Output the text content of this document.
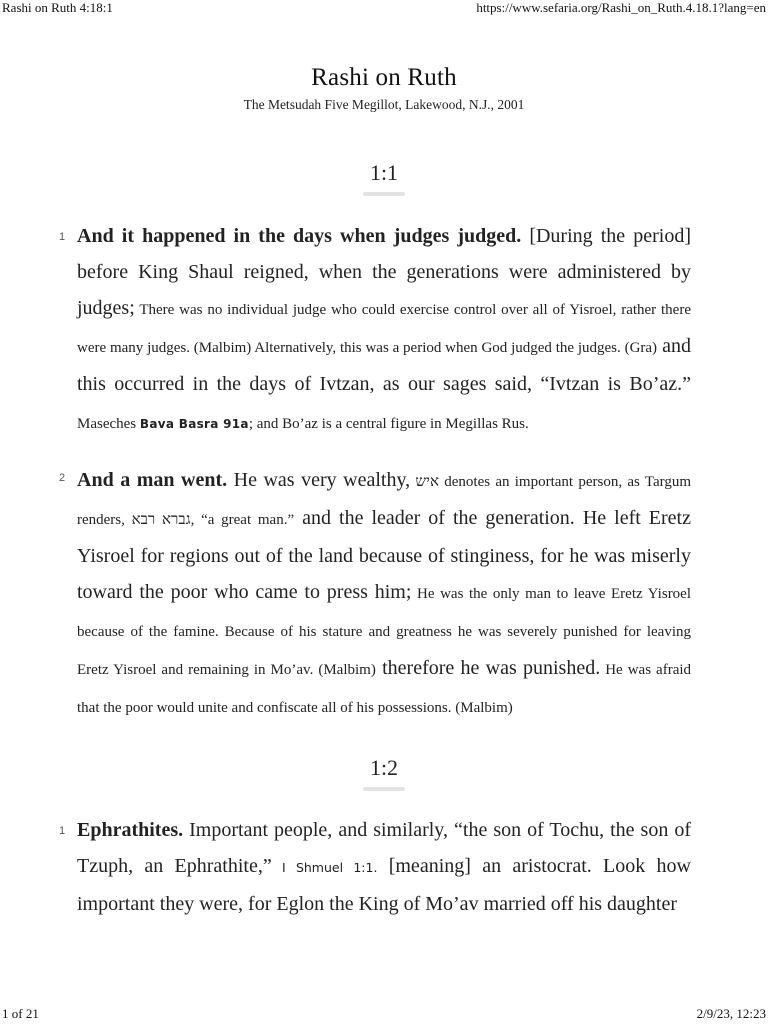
Rashi on Ruth 4:18:1	https://www.sefaria.org/Rashi_on_Ruth.4.18.1?lang=en
Rashi on Ruth
The Metsudah Five Megillot, Lakewood, N.J., 2001
1:1
1 And it happened in the days when judges judged. [During the period] before King Shaul reigned, when the generations were administered by judges; There was no individual judge who could exercise control over all of Yisroel, rather there were many judges. (Malbim) Alternatively, this was a period when God judged the judges. (Gra) and this occurred in the days of Ivtzan, as our sages said, “Ivtzan is Bo’az.” Maseches Bava Basra 91a; and Bo’az is a central figure in Megillas Rus.

2 And a man went. He was very wealthy, איש denotes an important person, as Targum renders, גברא רבא, “a great man.” and the leader of the generation. He left Eretz Yisroel for regions out of the land because of stinginess, for he was miserly toward the poor who came to press him; He was the only man to leave Eretz Yisroel because of the famine. Because of his stature and greatness he was severely punished for leaving Eretz Yisroel and remaining in Mo’av. (Malbim) therefore he was punished. He was afraid that the poor would unite and confiscate all of his possessions. (Malbim)

1:2
1 Ephrathites. Important people, and similarly, “the son of Tochu, the son of Tzuph, an Ephrathite,” I Shmuel 1:1. [meaning] an aristocrat. Look how important they were, for Eglon the King of Mo’av married off his daughter

1 of 21	2/9/23, 12:23
